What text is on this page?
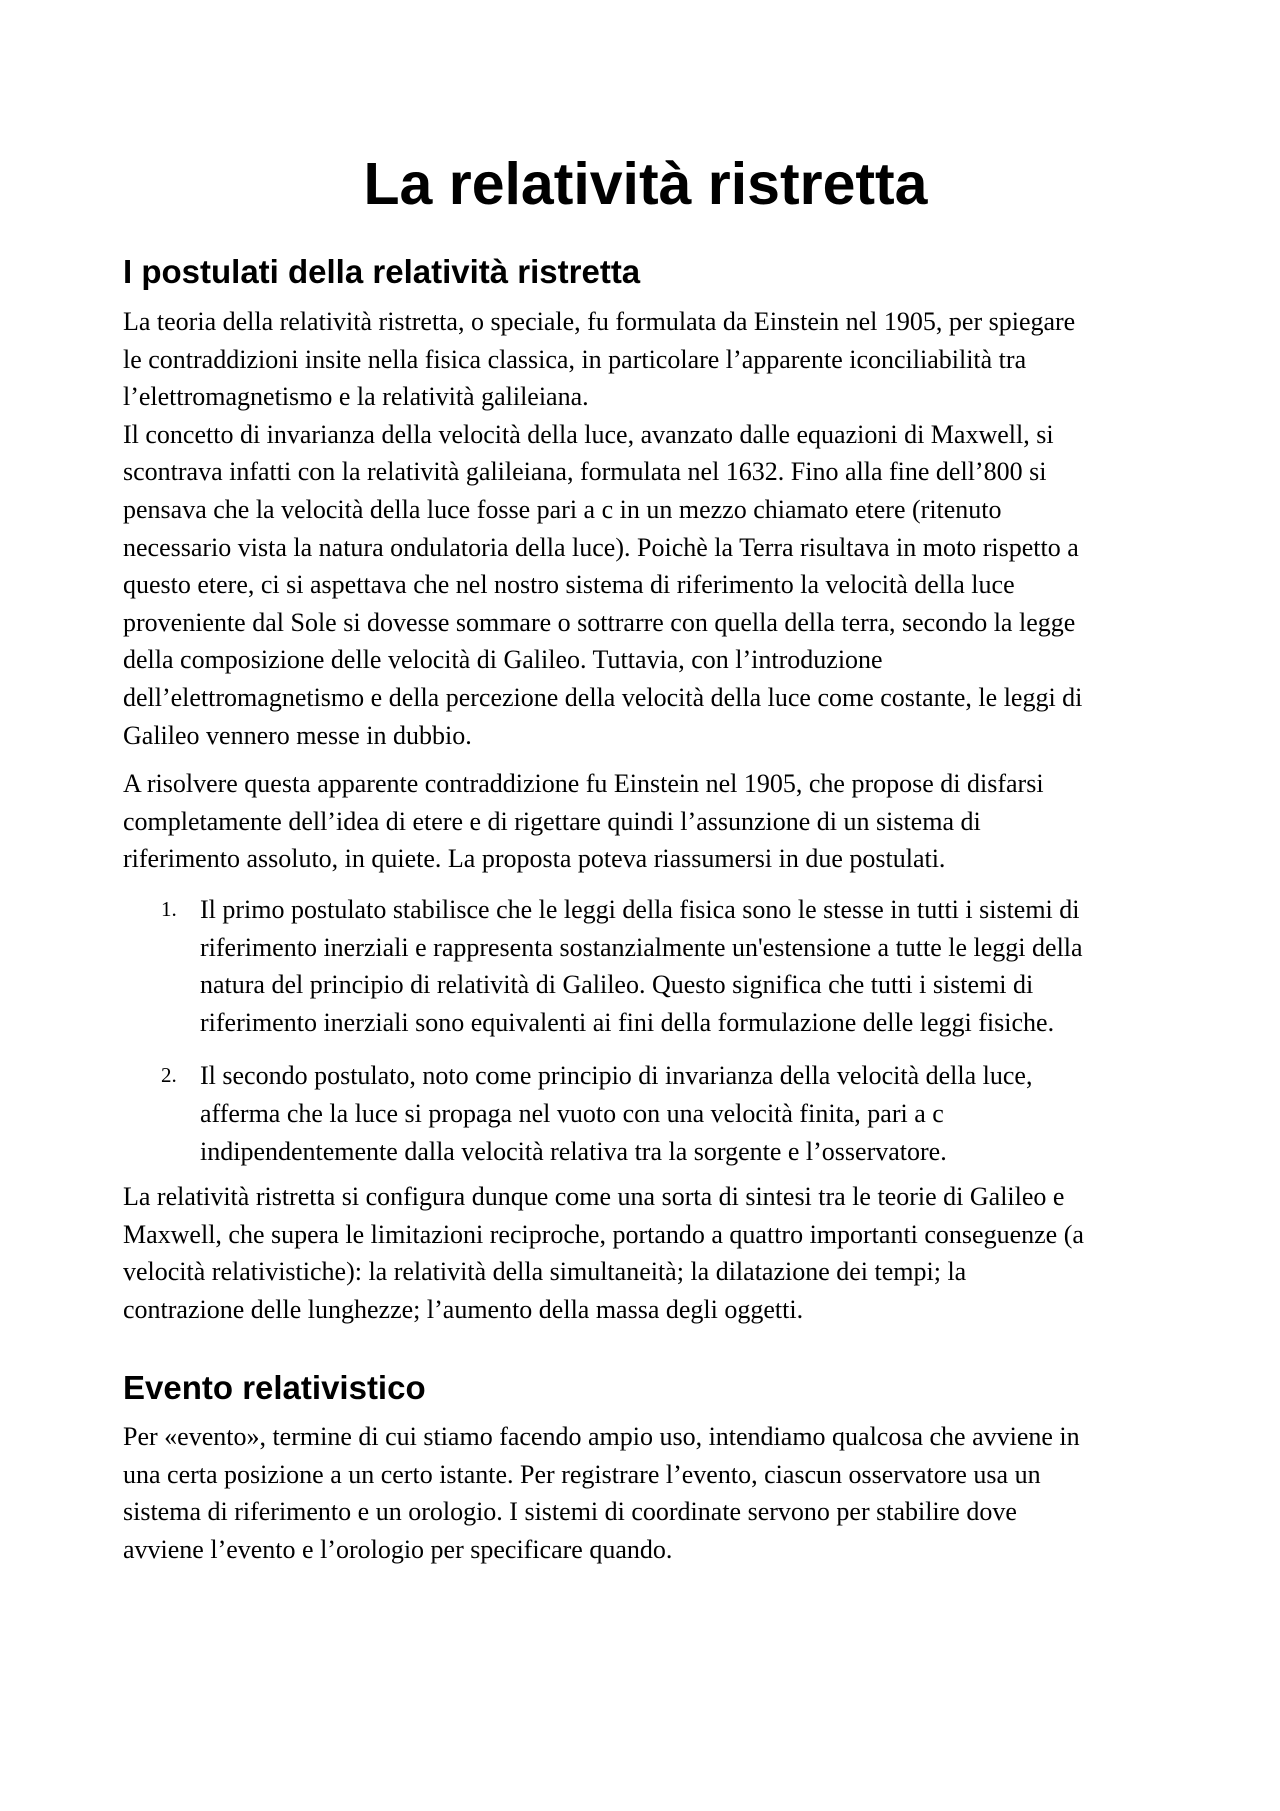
La relatività ristretta
I postulati della relatività ristretta
La teoria della relatività ristretta, o speciale, fu formulata da Einstein nel 1905, per spiegare
le contraddizioni insite nella fisica classica, in particolare l’apparente iconciliabilità tra
l’elettromagnetismo e la relatività galileiana.
Il concetto di invarianza della velocità della luce, avanzato dalle equazioni di Maxwell, si
scontrava infatti con la relatività galileiana, formulata nel 1632. Fino alla fine dell’800 si
pensava che la velocità della luce fosse pari a c in un mezzo chiamato etere (ritenuto
necessario vista la natura ondulatoria della luce). Poichè la Terra risultava in moto rispetto a
questo etere, ci si aspettava che nel nostro sistema di riferimento la velocità della luce
proveniente dal Sole si dovesse sommare o sottrarre con quella della terra, secondo la legge
della composizione delle velocità di Galileo. Tuttavia, con l’introduzione
dell’elettromagnetismo e della percezione della velocità della luce come costante, le leggi di
Galileo vennero messe in dubbio.
A risolvere questa apparente contraddizione fu Einstein nel 1905, che propose di disfarsi
completamente dell’idea di etere e di rigettare quindi l’assunzione di un sistema di
riferimento assoluto, in quiete. La proposta poteva riassumersi in due postulati.
1. Il primo postulato stabilisce che le leggi della fisica sono le stesse in tutti i sistemi di
riferimento inerziali e rappresenta sostanzialmente un'estensione a tutte le leggi della
natura del principio di relatività di Galileo. Questo significa che tutti i sistemi di
riferimento inerziali sono equivalenti ai fini della formulazione delle leggi fisiche.
2. Il secondo postulato, noto come principio di invarianza della velocità della luce,
afferma che la luce si propaga nel vuoto con una velocità finita, pari a c
indipendentemente dalla velocità relativa tra la sorgente e l’osservatore.
La relatività ristretta si configura dunque come una sorta di sintesi tra le teorie di Galileo e
Maxwell, che supera le limitazioni reciproche, portando a quattro importanti conseguenze (a
velocità relativistiche): la relatività della simultaneità; la dilatazione dei tempi; la
contrazione delle lunghezze; l’aumento della massa degli oggetti.
Evento relativistico
Per «evento», termine di cui stiamo facendo ampio uso, intendiamo qualcosa che avviene in
una certa posizione a un certo istante. Per registrare l’evento, ciascun osservatore usa un
sistema di riferimento e un orologio. I sistemi di coordinate servono per stabilire dove
avviene l’evento e l’orologio per specificare quando.
